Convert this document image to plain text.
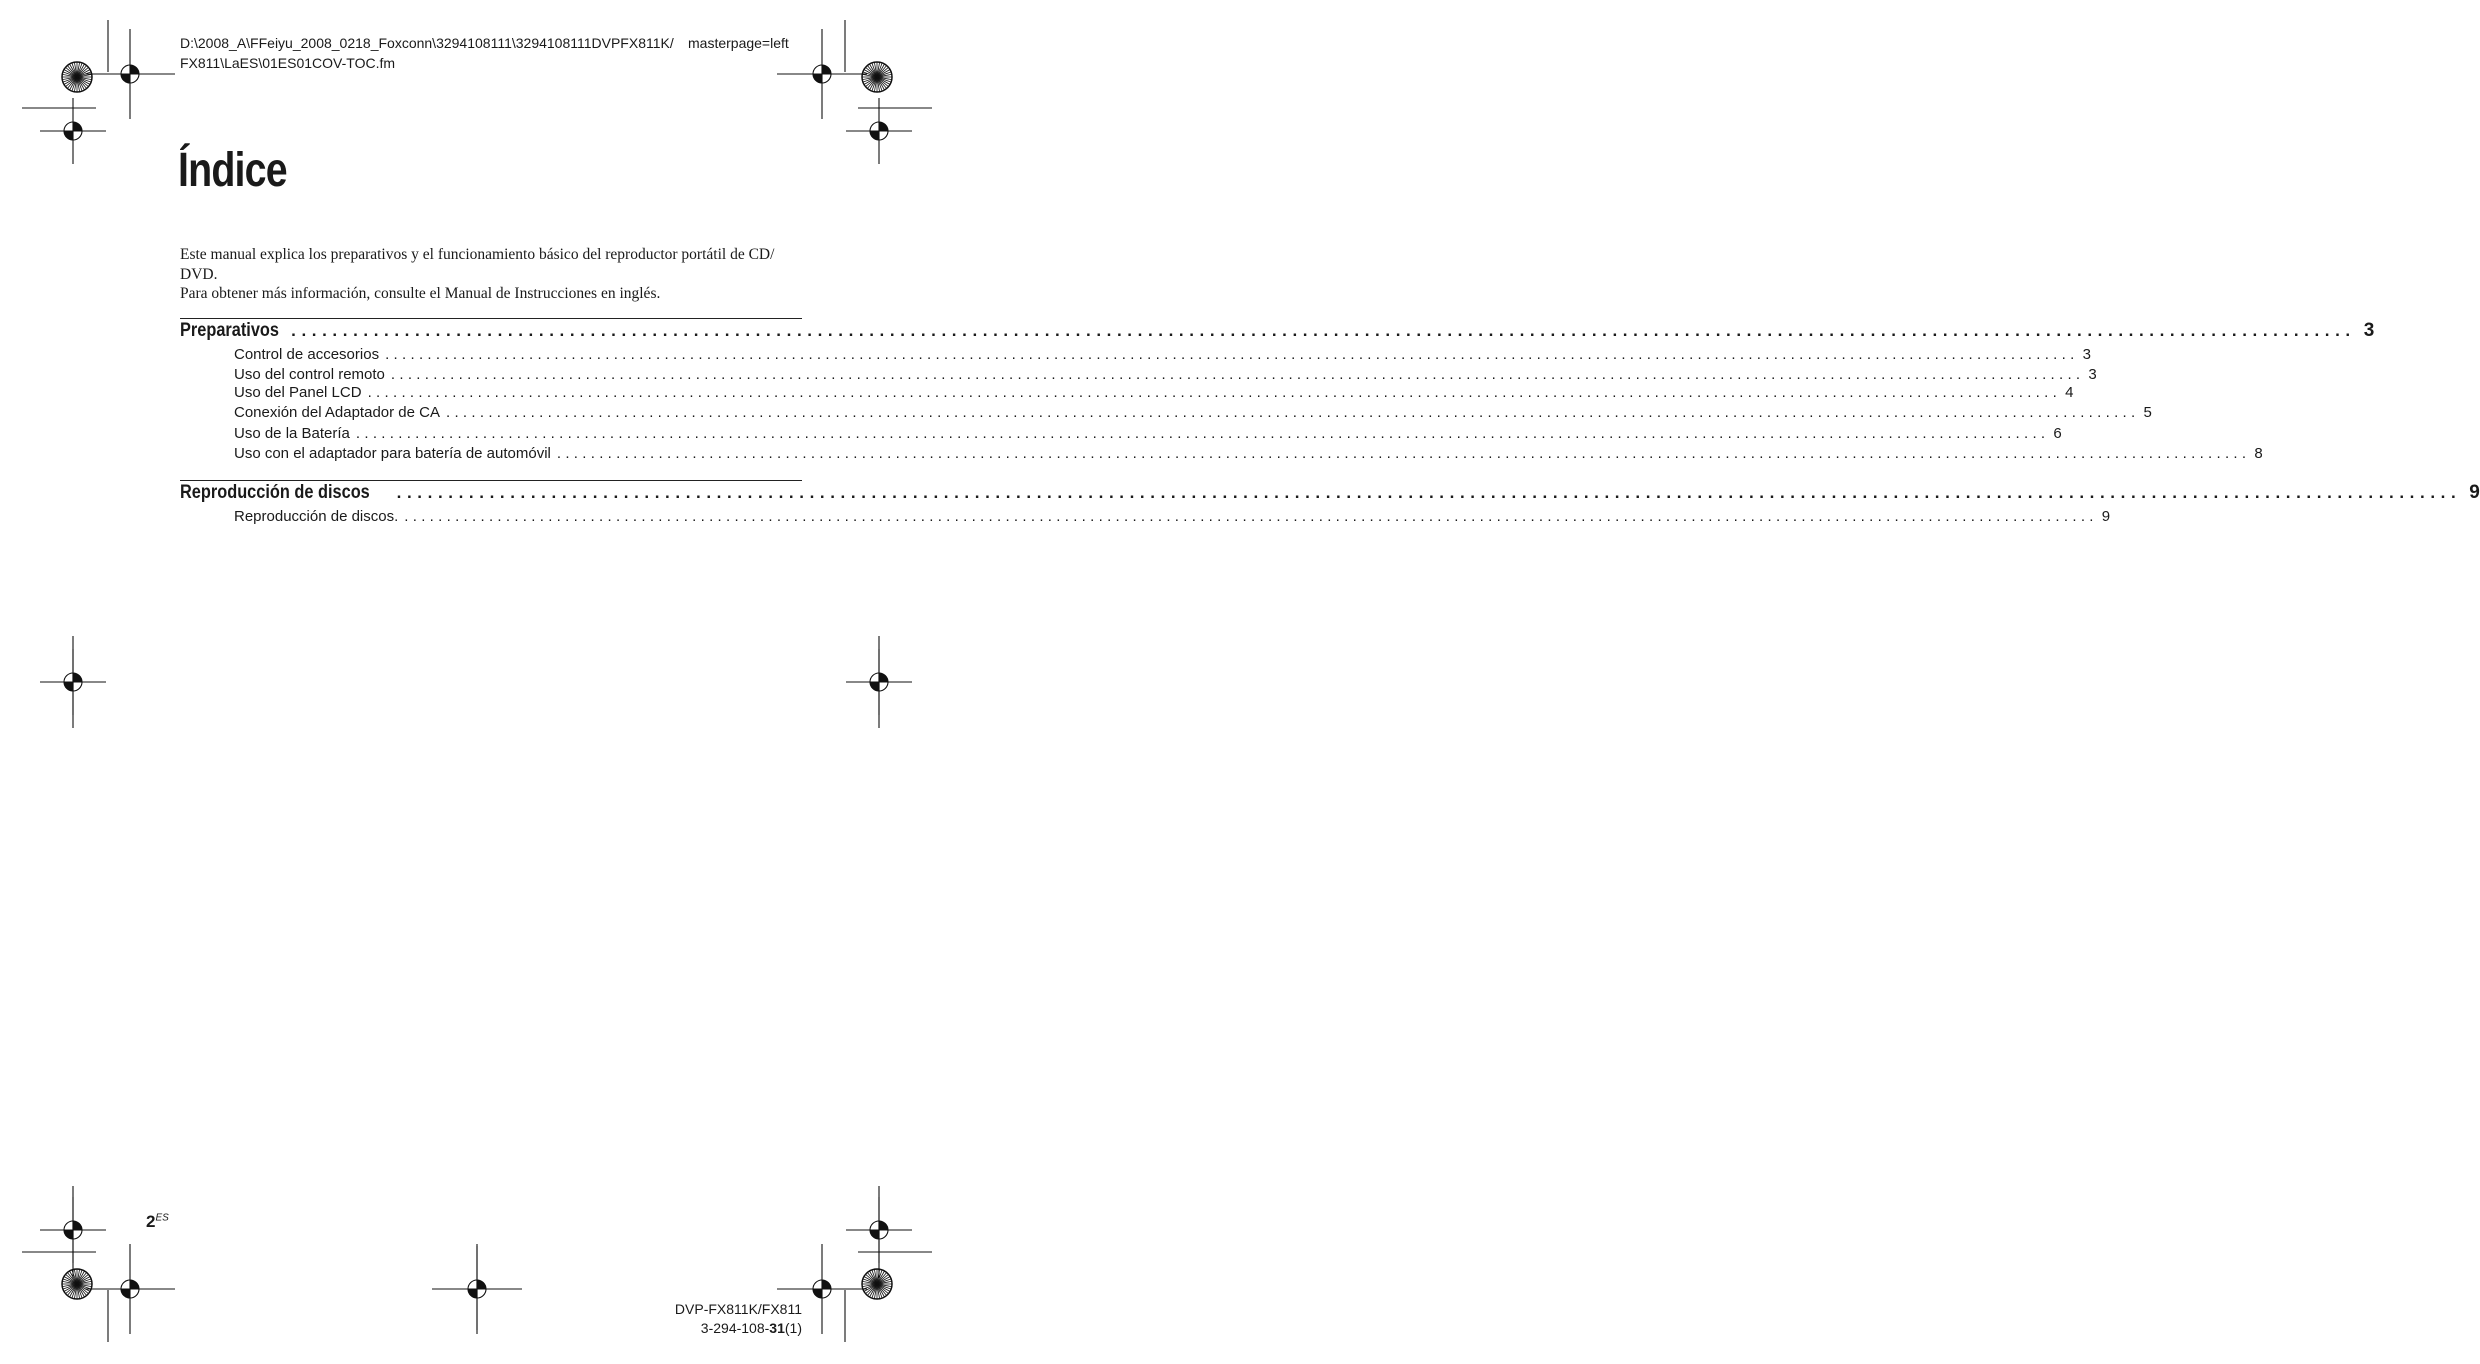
D:\2008_A\FFeiyu_2008_0218_Foxconn\3294108111\3294108111DVPFX811K/ masterpage=left
FX811\LaES\01ES01COV-TOC.fm
Índice

Este manual explica los preparativos y el funcionamiento básico del reproductor portátil de CD/ DVD.

Para obtener más información, consulte el Manual de Instrucciones en inglés.

Preparativos ........................................................................................................................................................................................................ 3
Control de accesorios ........................................................................................................................................................................................................ 3
Uso del control remoto ........................................................................................................................................................................................................ 3
Uso del Panel LCD ........................................................................................................................................................................................................ 4
Conexión del Adaptador de CA ........................................................................................................................................................................................................ 5
Uso de la Batería ........................................................................................................................................................................................................ 6
Uso con el adaptador para batería de automóvil ........................................................................................................................................................................................................ 8
Reproducción de discos ........................................................................................................................................................................................................ 9
Reproducción de discos. ........................................................................................................................................................................................................ 9
$2^{ES}$
DVP-FX811K/FX811
3-294-108-31(1)
